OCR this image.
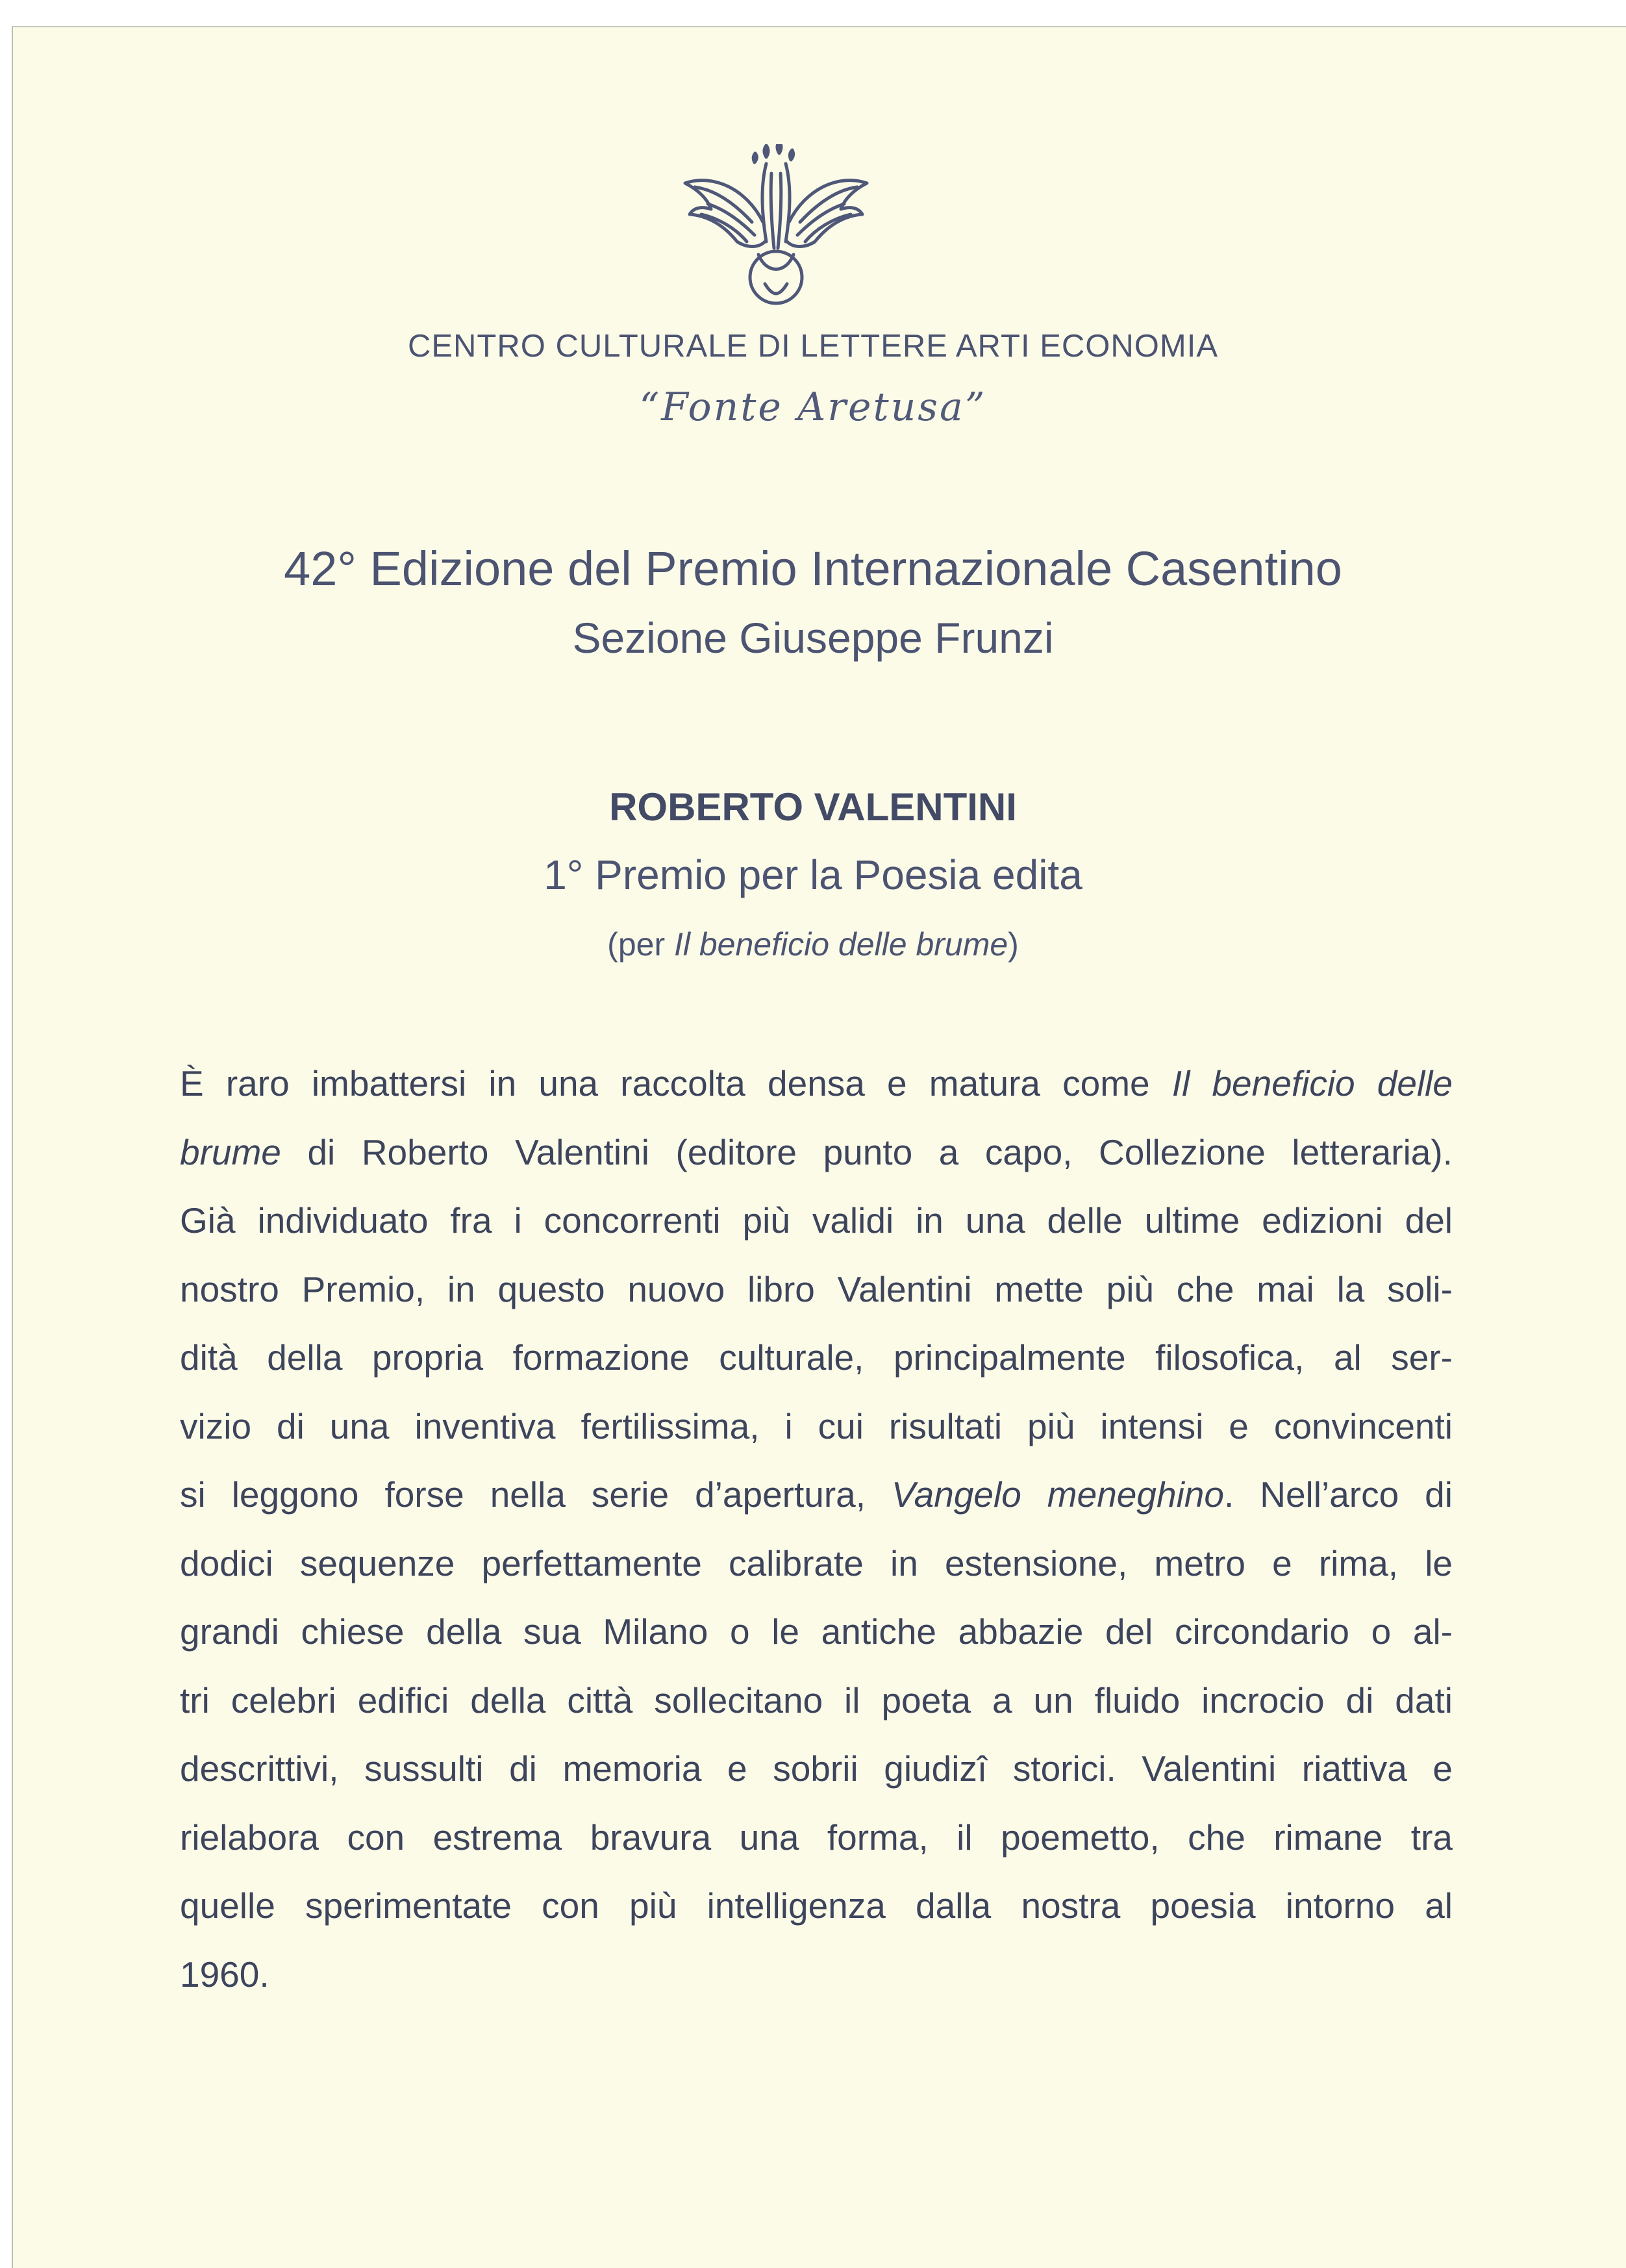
CENTRO CULTURALE DI LETTERE ARTI ECONOMIA
“Fonte Aretusa”
42° Edizione del Premio Internazionale Casentino
Sezione Giuseppe Frunzi
ROBERTO VALENTINI
1° Premio per la Poesia edita
(per Il beneficio delle brume)
È raro imbattersi in una raccolta densa e matura come Il beneficio delle
brume di Roberto Valentini (editore punto a capo, Collezione letteraria).
Già individuato fra i concorrenti più validi in una delle ultime edizioni del
nostro Premio, in questo nuovo libro Valentini mette più che mai la soli-
dità della propria formazione culturale, principalmente filosofica, al ser-
vizio di una inventiva fertilissima, i cui risultati più intensi e convincenti
si leggono forse nella serie d’apertura, Vangelo meneghino. Nell’arco di
dodici sequenze perfettamente calibrate in estensione, metro e rima, le
grandi chiese della sua Milano o le antiche abbazie del circondario o al-
tri celebri edifici della città sollecitano il poeta a un fluido incrocio di dati
descrittivi, sussulti di memoria e sobrii giudizî storici. Valentini riattiva e
rielabora con estrema bravura una forma, il poemetto, che rimane tra
quelle sperimentate con più intelligenza dalla nostra poesia intorno al
1960.
